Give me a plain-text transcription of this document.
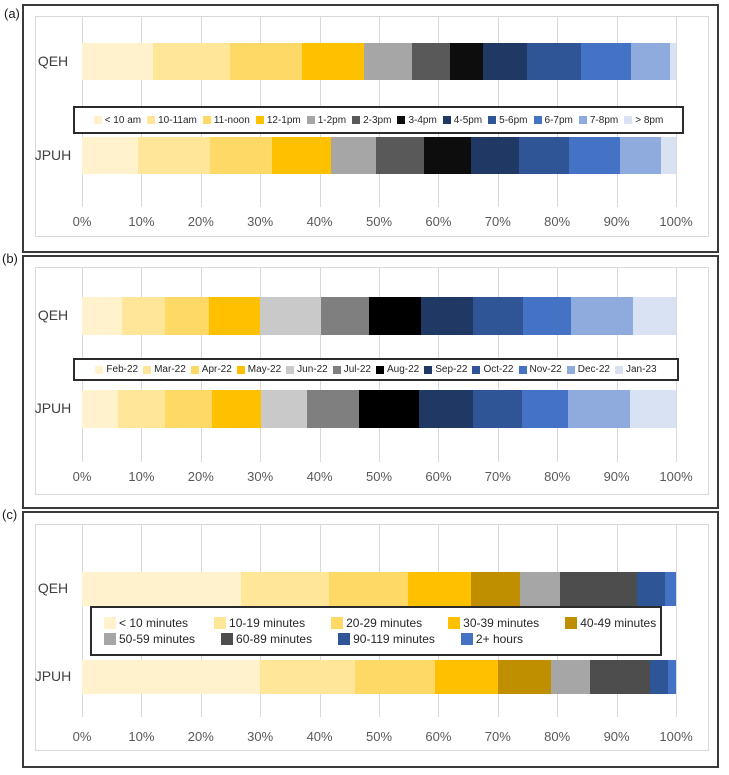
(a)
(b)
(c)
QEH
JPUH
< 10 am 10-11am 11-noon 12-1pm 1-2pm 2-3pm 3-4pm 4-5pm 5-6pm 6-7pm 7-8pm > 8pm
0%	10%	20%	30%	40%	50%	60%	70%	80%	90%	100%
QEH
JPUH
Feb-22 Mar-22 Apr-22 May-22 Jun-22 Jul-22 Aug-22 Sep-22 Oct-22 Nov-22 Dec-22 Jan-23
0%	10%	20%	30%	40%	50%	60%	70%	80%	90%	100%
QEH
JPUH
< 10 minutes	10-19 minutes	20-29 minutes	30-39 minutes	40-49 minutes
50-59 minutes	60-89 minutes	90-119 minutes	2+ hours
0%	10%	20%	30%	40%	50%	60%	70%	80%	90%	100%
